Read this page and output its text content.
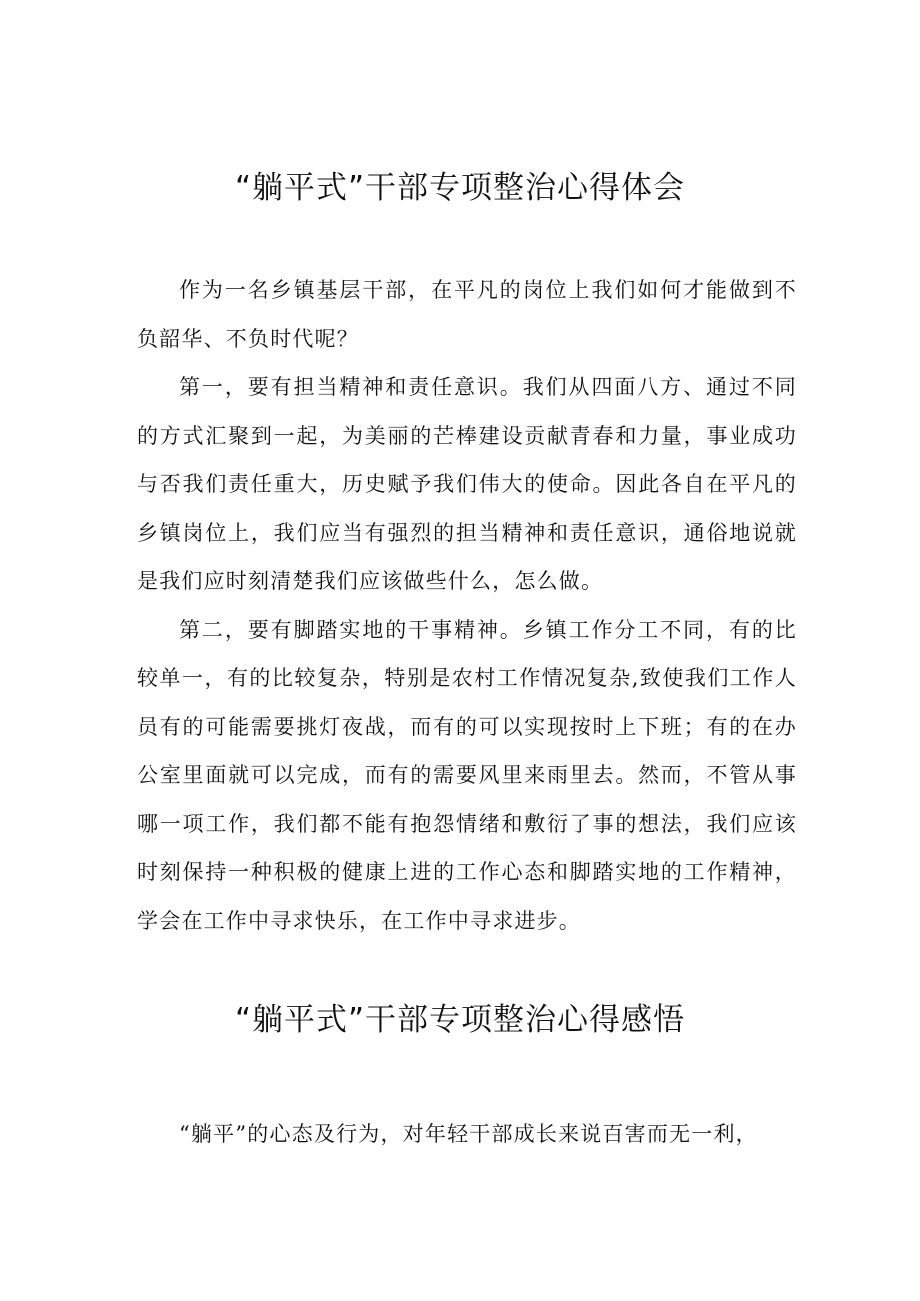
“躺平式”干部专项整治心得体会

作为一名乡镇基层干部，在平凡的岗位上我们如何才能做到不负韶华、不负时代呢？

第一，要有担当精神和责任意识。我们从四面八方、通过不同的方式汇聚到一起，为美丽的芒棒建设贡献青春和力量，事业成功与否我们责任重大，历史赋予我们伟大的使命。因此各自在平凡的乡镇岗位上，我们应当有强烈的担当精神和责任意识，通俗地说就是我们应时刻清楚我们应该做些什么，怎么做。

第二，要有脚踏实地的干事精神。乡镇工作分工不同，有的比较单一，有的比较复杂，特别是农村工作情况复杂,致使我们工作人员有的可能需要挑灯夜战，而有的可以实现按时上下班；有的在办公室里面就可以完成，而有的需要风里来雨里去。然而，不管从事哪一项工作，我们都不能有抱怨情绪和敷衍了事的想法，我们应该时刻保持一种积极的健康上进的工作心态和脚踏实地的工作精神，学会在工作中寻求快乐，在工作中寻求进步。

“躺平式”干部专项整治心得感悟

“躺平”的心态及行为，对年轻干部成长来说百害而无一利，
